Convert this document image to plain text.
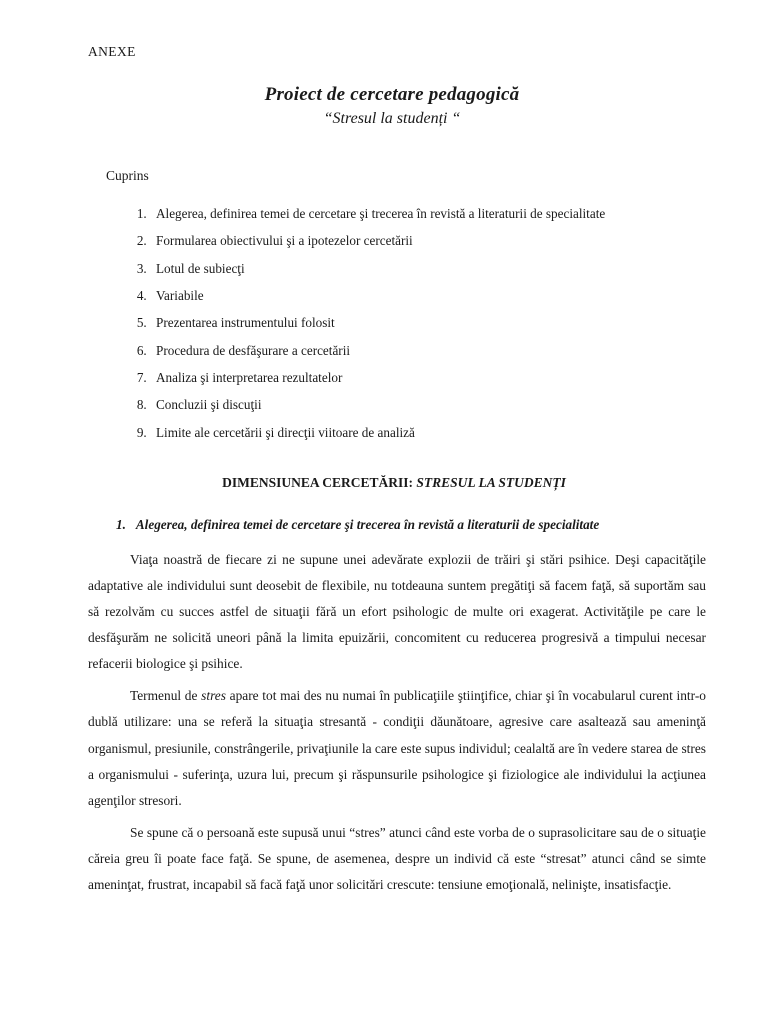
ANEXE
Proiect de cercetare pedagogică
“Stresul la studenți “
Cuprins
1. Alegerea, definirea temei de cercetare şi trecerea în revistă a literaturii de specialitate
2. Formularea obiectivului şi a ipotezelor cercetării
3. Lotul de subiecţi
4. Variabile
5. Prezentarea instrumentului folosit
6. Procedura de desfăşurare a cercetării
7. Analiza şi interpretarea rezultatelor
8. Concluzii şi discuţii
9. Limite ale cercetării şi direcţii viitoare de analiză
DIMENSIUNEA CERCETĂRII: STRESUL LA STUDENȚI
1. Alegerea, definirea temei de cercetare şi trecerea în revistă a literaturii de specialitate

Viaţa noastră de fiecare zi ne supune unei adevărate explozii de trăiri şi stări psihice. Deşi capacităţile adaptative ale individului sunt deosebit de flexibile, nu totdeauna suntem pregătiţi să facem faţă, să suportăm sau să rezolvăm cu succes astfel de situaţii fără un efort psihologic de multe ori exagerat. Activităţile pe care le desfăşurăm ne solicită uneori până la limita epuizării, concomitent cu reducerea progresivă a timpului necesar refacerii biologice şi psihice.

Termenul de stres apare tot mai des nu numai în publicaţiile ştiinţifice, chiar şi în vocabularul curent intr-o dublă utilizare: una se referă la situaţia stresantă - condiţii dăunătoare, agresive care asaltează sau ameninţă organismul, presiunile, constrângerile, privaţiunile la care este supus individul; cealaltă are în vedere starea de stres a organismului - suferinţa, uzura lui, precum şi răspunsurile psihologice şi fiziologice ale individului la acţiunea agenţilor stresori.

Se spune că o persoană este supusă unui “stres” atunci când este vorba de o suprasolicitare sau de o situaţie căreia greu îi poate face faţă. Se spune, de asemenea, despre un individ că este “stresat” atunci când se simte ameninţat, frustrat, incapabil să facă faţă unor solicitări crescute: tensiune emoţională, nelinişte, insatisfacţie.
